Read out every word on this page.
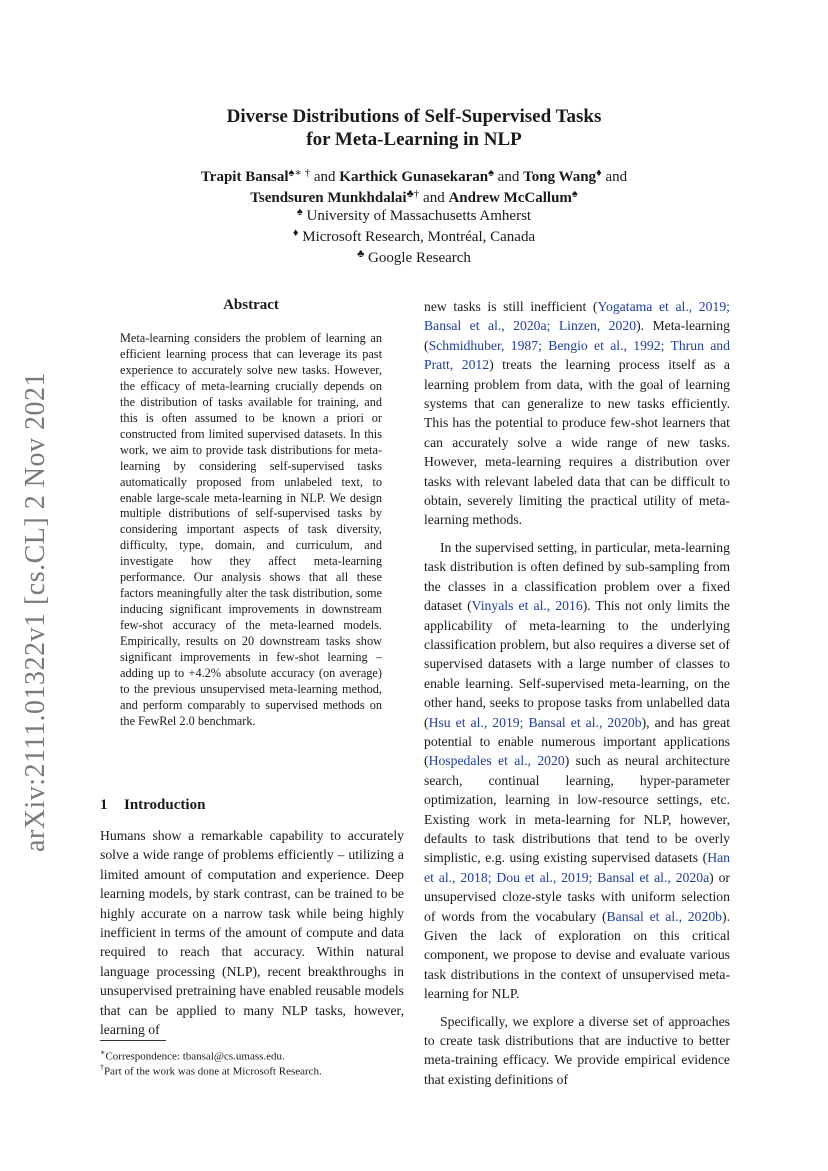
Diverse Distributions of Self-Supervised Tasks
for Meta-Learning in NLP
Trapit Bansal♠∗ † and Karthick Gunasekaran♠ and Tong Wang♦ and
Tsendsuren Munkhdalai♣† and Andrew McCallum♠
♠ University of Massachusetts Amherst
♦ Microsoft Research, Montréal, Canada
♣ Google Research
arXiv:2111.01322v1 [cs.CL] 2 Nov 2021
Abstract
Meta-learning considers the problem of learning an efficient learning process that can leverage its past experience to accurately solve new tasks. However, the efficacy of meta-learning crucially depends on the distribution of tasks available for training, and this is often assumed to be known a priori or constructed from limited supervised datasets. In this work, we aim to provide task distributions for meta-learning by considering self-supervised tasks automatically proposed from unlabeled text, to enable large-scale meta-learning in NLP. We design multiple distributions of self-supervised tasks by considering important aspects of task diversity, difficulty, type, domain, and curriculum, and investigate how they affect meta-learning performance. Our analysis shows that all these factors meaningfully alter the task distribution, some inducing significant improvements in downstream few-shot accuracy of the meta-learned models. Empirically, results on 20 downstream tasks show significant improvements in few-shot learning – adding up to +4.2% absolute accuracy (on average) to the previous unsupervised meta-learning method, and perform comparably to supervised methods on the FewRel 2.0 benchmark.
1 Introduction
Humans show a remarkable capability to accurately solve a wide range of problems efficiently – utilizing a limited amount of computation and experience. Deep learning models, by stark contrast, can be trained to be highly accurate on a narrow task while being highly inefficient in terms of the amount of compute and data required to reach that accuracy. Within natural language processing (NLP), recent breakthroughs in unsupervised pretraining have enabled reusable models that can be applied to many NLP tasks, however, learning of
∗Correspondence: tbansal@cs.umass.edu.
†Part of the work was done at Microsoft Research.

new tasks is still inefficient (Yogatama et al., 2019; Bansal et al., 2020a; Linzen, 2020). Meta-learning (Schmidhuber, 1987; Bengio et al., 1992; Thrun and Pratt, 2012) treats the learning process itself as a learning problem from data, with the goal of learning systems that can generalize to new tasks efficiently. This has the potential to produce few-shot learners that can accurately solve a wide range of new tasks. However, meta-learning requires a distribution over tasks with relevant labeled data that can be difficult to obtain, severely limiting the practical utility of meta-learning methods.

In the supervised setting, in particular, meta-learning task distribution is often defined by sub-sampling from the classes in a classification problem over a fixed dataset (Vinyals et al., 2016). This not only limits the applicability of meta-learning to the underlying classification problem, but also requires a diverse set of supervised datasets with a large number of classes to enable learning. Self-supervised meta-learning, on the other hand, seeks to propose tasks from unlabelled data (Hsu et al., 2019; Bansal et al., 2020b), and has great potential to enable numerous important applications (Hospedales et al., 2020) such as neural architecture search, continual learning, hyper-parameter optimization, learning in low-resource settings, etc. Existing work in meta-learning for NLP, however, defaults to task distributions that tend to be overly simplistic, e.g. using existing supervised datasets (Han et al., 2018; Dou et al., 2019; Bansal et al., 2020a) or unsupervised cloze-style tasks with uniform selection of words from the vocabulary (Bansal et al., 2020b). Given the lack of exploration on this critical component, we propose to devise and evaluate various task distributions in the context of unsupervised meta-learning for NLP.

Specifically, we explore a diverse set of approaches to create task distributions that are inductive to better meta-training efficacy. We provide empirical evidence that existing definitions of
